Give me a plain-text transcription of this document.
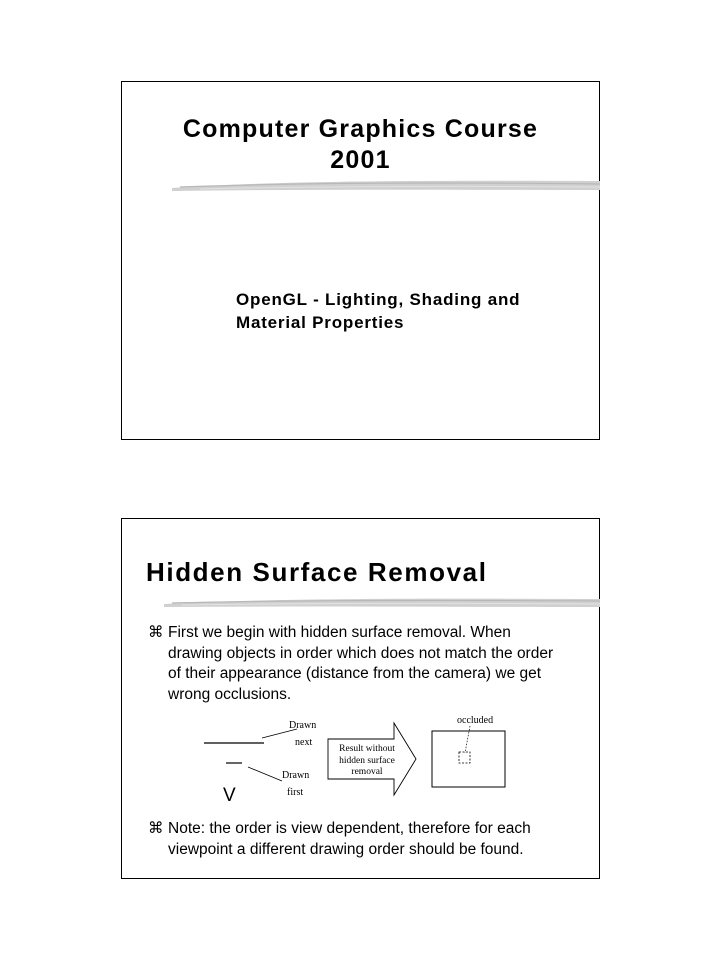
Computer Graphics Course
2001
OpenGL - Lighting, Shading and
Material Properties
Hidden Surface Removal
⌘ First we begin with hidden surface removal. When drawing objects in order which does not match the order of their appearance (distance from the camera) we get wrong occlusions.
Drawn
next
Drawn
first
Result without
hidden surface
removal
occluded
V
⌘ Note: the order is view dependent, therefore for each viewpoint a different drawing order should be found.
